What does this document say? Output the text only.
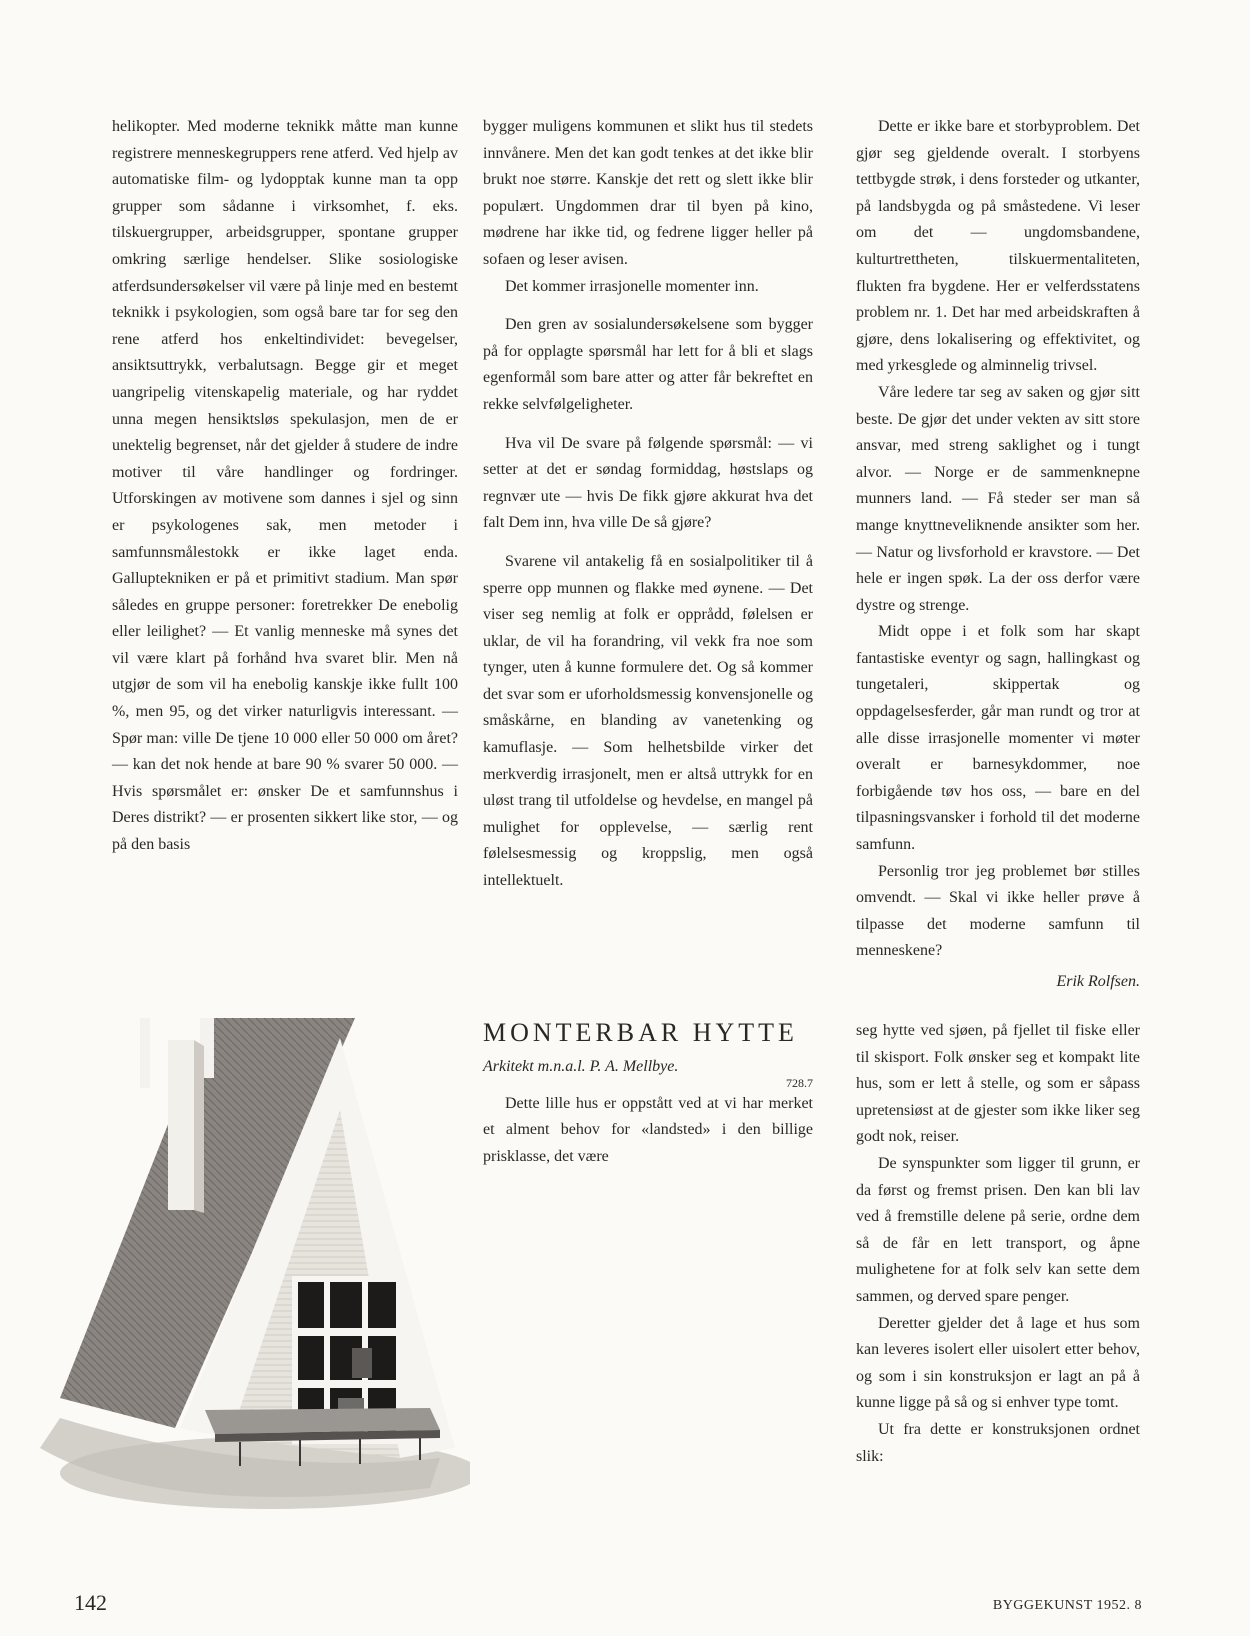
helikopter. Med moderne teknikk måtte man kunne registrere menneskegruppers rene atferd. Ved hjelp av automatiske film- og lydopptak kunne man ta opp grupper som sådanne i virksomhet, f. eks. tilskuergrupper, arbeidsgrupper, spontane grupper omkring særlige hendelser. Slike sosiologiske atferdsundersøkelser vil være på linje med en bestemt teknikk i psykologien, som også bare tar for seg den rene atferd hos enkeltindividet: bevegelser, ansiktsuttrykk, verbalutsagn. Begge gir et meget uangripelig vitenskapelig materiale, og har ryddet unna megen hensiktsløs spekulasjon, men de er unektelig begrenset, når det gjelder å studere de indre motiver til våre handlinger og fordringer. Utforskingen av motivene som dannes i sjel og sinn er psykologenes sak, men metoder i samfunnsmålestokk er ikke laget enda. Galluptekniken er på et primitivt stadium. Man spør således en gruppe personer: foretrekker De enebolig eller leilighet? — Et vanlig menneske må synes det vil være klart på forhånd hva svaret blir. Men nå utgjør de som vil ha enebolig kanskje ikke fullt 100 %, men 95, og det virker naturligvis interessant. — Spør man: ville De tjene 10 000 eller 50 000 om året? — kan det nok hende at bare 90 % svarer 50 000. — Hvis spørsmålet er: ønsker De et samfunnshus i Deres distrikt? — er prosenten sikkert like stor, — og på den basis

bygger muligens kommunen et slikt hus til stedets innvånere. Men det kan godt tenkes at det ikke blir brukt noe større. Kanskje det rett og slett ikke blir populært. Ungdommen drar til byen på kino, mødrene har ikke tid, og fedrene ligger heller på sofaen og leser avisen.

Det kommer irrasjonelle momenter inn.

Den gren av sosialundersøkelsene som bygger på for opplagte spørsmål har lett for å bli et slags egenformål som bare atter og atter får bekreftet en rekke selvfølgeligheter.

Hva vil De svare på følgende spørsmål: — vi setter at det er søndag formiddag, høstslaps og regnvær ute — hvis De fikk gjøre akkurat hva det falt Dem inn, hva ville De så gjøre?

Svarene vil antakelig få en sosialpolitiker til å sperre opp munnen og flakke med øynene. — Det viser seg nemlig at folk er opprådd, følelsen er uklar, de vil ha forandring, vil vekk fra noe som tynger, uten å kunne formulere det. Og så kommer det svar som er uforholdsmessig konvensjonelle og småskårne, en blanding av vanetenking og kamuflasje. — Som helhetsbilde virker det merkverdig irrasjonelt, men er altså uttrykk for en uløst trang til utfoldelse og hevdelse, en mangel på mulighet for opplevelse, — særlig rent følelsesmessig og kroppslig, men også intellektuelt.

Dette er ikke bare et storbyproblem. Det gjør seg gjeldende overalt. I storbyens tettbygde strøk, i dens forsteder og utkanter, på landsbygda og på småstedene. Vi leser om det — ungdomsbandene, kulturtrettheten, tilskuermentaliteten, flukten fra bygdene. Her er velferdsstatens problem nr. 1. Det har med arbeidskraften å gjøre, dens lokalisering og effektivitet, og med yrkesglede og alminnelig trivsel.

Våre ledere tar seg av saken og gjør sitt beste. De gjør det under vekten av sitt store ansvar, med streng saklighet og i tungt alvor. — Norge er de sammenknepne munners land. — Få steder ser man så mange knyttneveliknende ansikter som her. — Natur og livsforhold er kravstore. — Det hele er ingen spøk. La der oss derfor være dystre og strenge.

Midt oppe i et folk som har skapt fantastiske eventyr og sagn, hallingkast og tungetaleri, skippertak og oppdagelsesferder, går man rundt og tror at alle disse irrasjonelle momenter vi møter overalt er barnesykdommer, noe forbigående tøv hos oss, — bare en del tilpasningsvansker i forhold til det moderne samfunn.

Personlig tror jeg problemet bør stilles omvendt. — Skal vi ikke heller prøve å tilpasse det moderne samfunn til menneskene?

Erik Rolfsen.
MONTERBAR HYTTE
Arkitekt m.n.a.l. P. A. Mellbye.
728.7

Dette lille hus er oppstått ved at vi har merket et alment behov for «landsted» i den billige prisklasse, det være

seg hytte ved sjøen, på fjellet til fiske eller til skisport. Folk ønsker seg et kompakt lite hus, som er lett å stelle, og som er såpass upretensiøst at de gjester som ikke liker seg godt nok, reiser.

De synspunkter som ligger til grunn, er da først og fremst prisen. Den kan bli lav ved å fremstille delene på serie, ordne dem så de får en lett transport, og åpne mulighetene for at folk selv kan sette dem sammen, og derved spare penger.

Deretter gjelder det å lage et hus som kan leveres isolert eller uisolert etter behov, og som i sin konstruksjon er lagt an på å kunne ligge på så og si enhver type tomt.

Ut fra dette er konstruksjonen ordnet slik:

142	BYGGEKUNST 1952. 8
